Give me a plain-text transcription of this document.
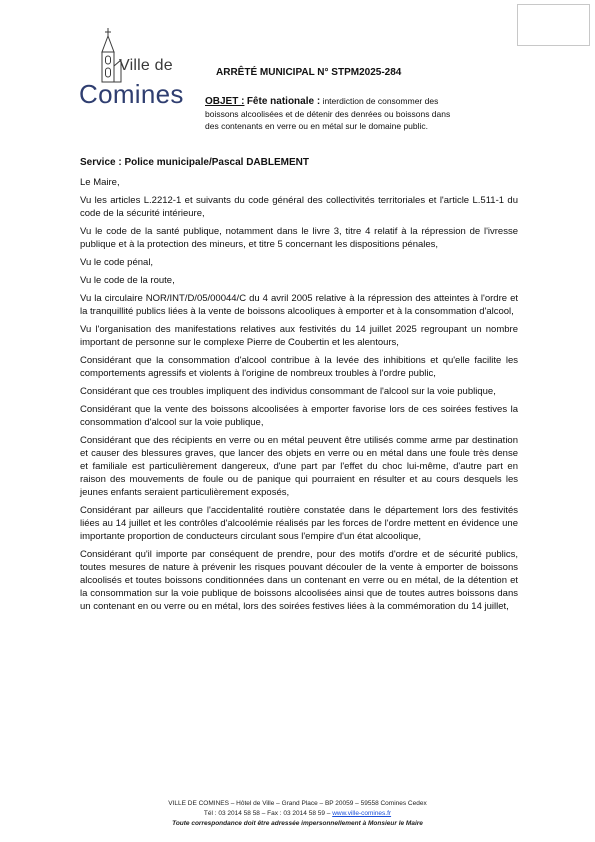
Ville de
Comines
ARRÊTÉ MUNICIPAL N° STPM2025-284
OBJET : Fête nationale : interdiction de consommer des boissons alcoolisées et de détenir des denrées ou boissons dans des contenants en verre ou en métal sur le domaine public.
Service : Police municipale/Pascal DABLEMENT

Le Maire,

Vu les articles L.2212-1 et suivants du code général des collectivités territoriales et l'article L.511-1 du code de la sécurité intérieure,

Vu le code de la santé publique, notamment dans le livre 3, titre 4 relatif à la répression de l'ivresse publique et à la protection des mineurs, et titre 5 concernant les dispositions pénales,

Vu le code pénal,

Vu le code de la route,

Vu la circulaire NOR/INT/D/05/00044/C du 4 avril 2005 relative à la répression des atteintes à l'ordre et la tranquillité publics liées à la vente de boissons alcooliques à emporter et à la consommation d'alcool,

Vu l'organisation des manifestations relatives aux festivités du 14 juillet 2025 regroupant un nombre important de personne sur le complexe Pierre de Coubertin et les alentours,

Considérant que la consommation d'alcool contribue à la levée des inhibitions et qu'elle facilite les comportements agressifs et violents à l'origine de nombreux troubles à l'ordre public,

Considérant que ces troubles impliquent des individus consommant de l'alcool sur la voie publique,

Considérant que la vente des boissons alcoolisées à emporter favorise lors de ces soirées festives la consommation d'alcool sur la voie publique,

Considérant que des récipients en verre ou en métal peuvent être utilisés comme arme par destination et causer des blessures graves, que lancer des objets en verre ou en métal dans une foule très dense et familiale est particulièrement dangereux, d'une part par l'effet du choc lui-même, d'autre part en raison des mouvements de foule ou de panique qui pourraient en résulter et au cours desquels les jeunes enfants seraient particulièrement exposés,

Considérant par ailleurs que l'accidentalité routière constatée dans le département lors des festivités liées au 14 juillet et les contrôles d'alcoolémie réalisés par les forces de l'ordre mettent en évidence une importante proportion de conducteurs circulant sous l'empire d'un état alcoolique,

Considérant qu'il importe par conséquent de prendre, pour des motifs d'ordre et de sécurité publics, toutes mesures de nature à prévenir les risques pouvant découler de la vente à emporter de boissons alcoolisés et toutes boissons conditionnées dans un contenant en verre ou en métal, de la détention et la consommation sur la voie publique de boissons alcoolisées ainsi que de toutes autres boissons dans un contenant en ou verre ou en métal, lors des soirées festives liées à la commémoration du 14 juillet,

VILLE DE COMINES – Hôtel de Ville – Grand Place – BP 20059 – 59558 Comines Cedex
Tél : 03 2014 58 58 – Fax : 03 2014 58 59 – www.ville-comines.fr
Toute correspondance doit être adressée impersonnellement à Monsieur le Maire
